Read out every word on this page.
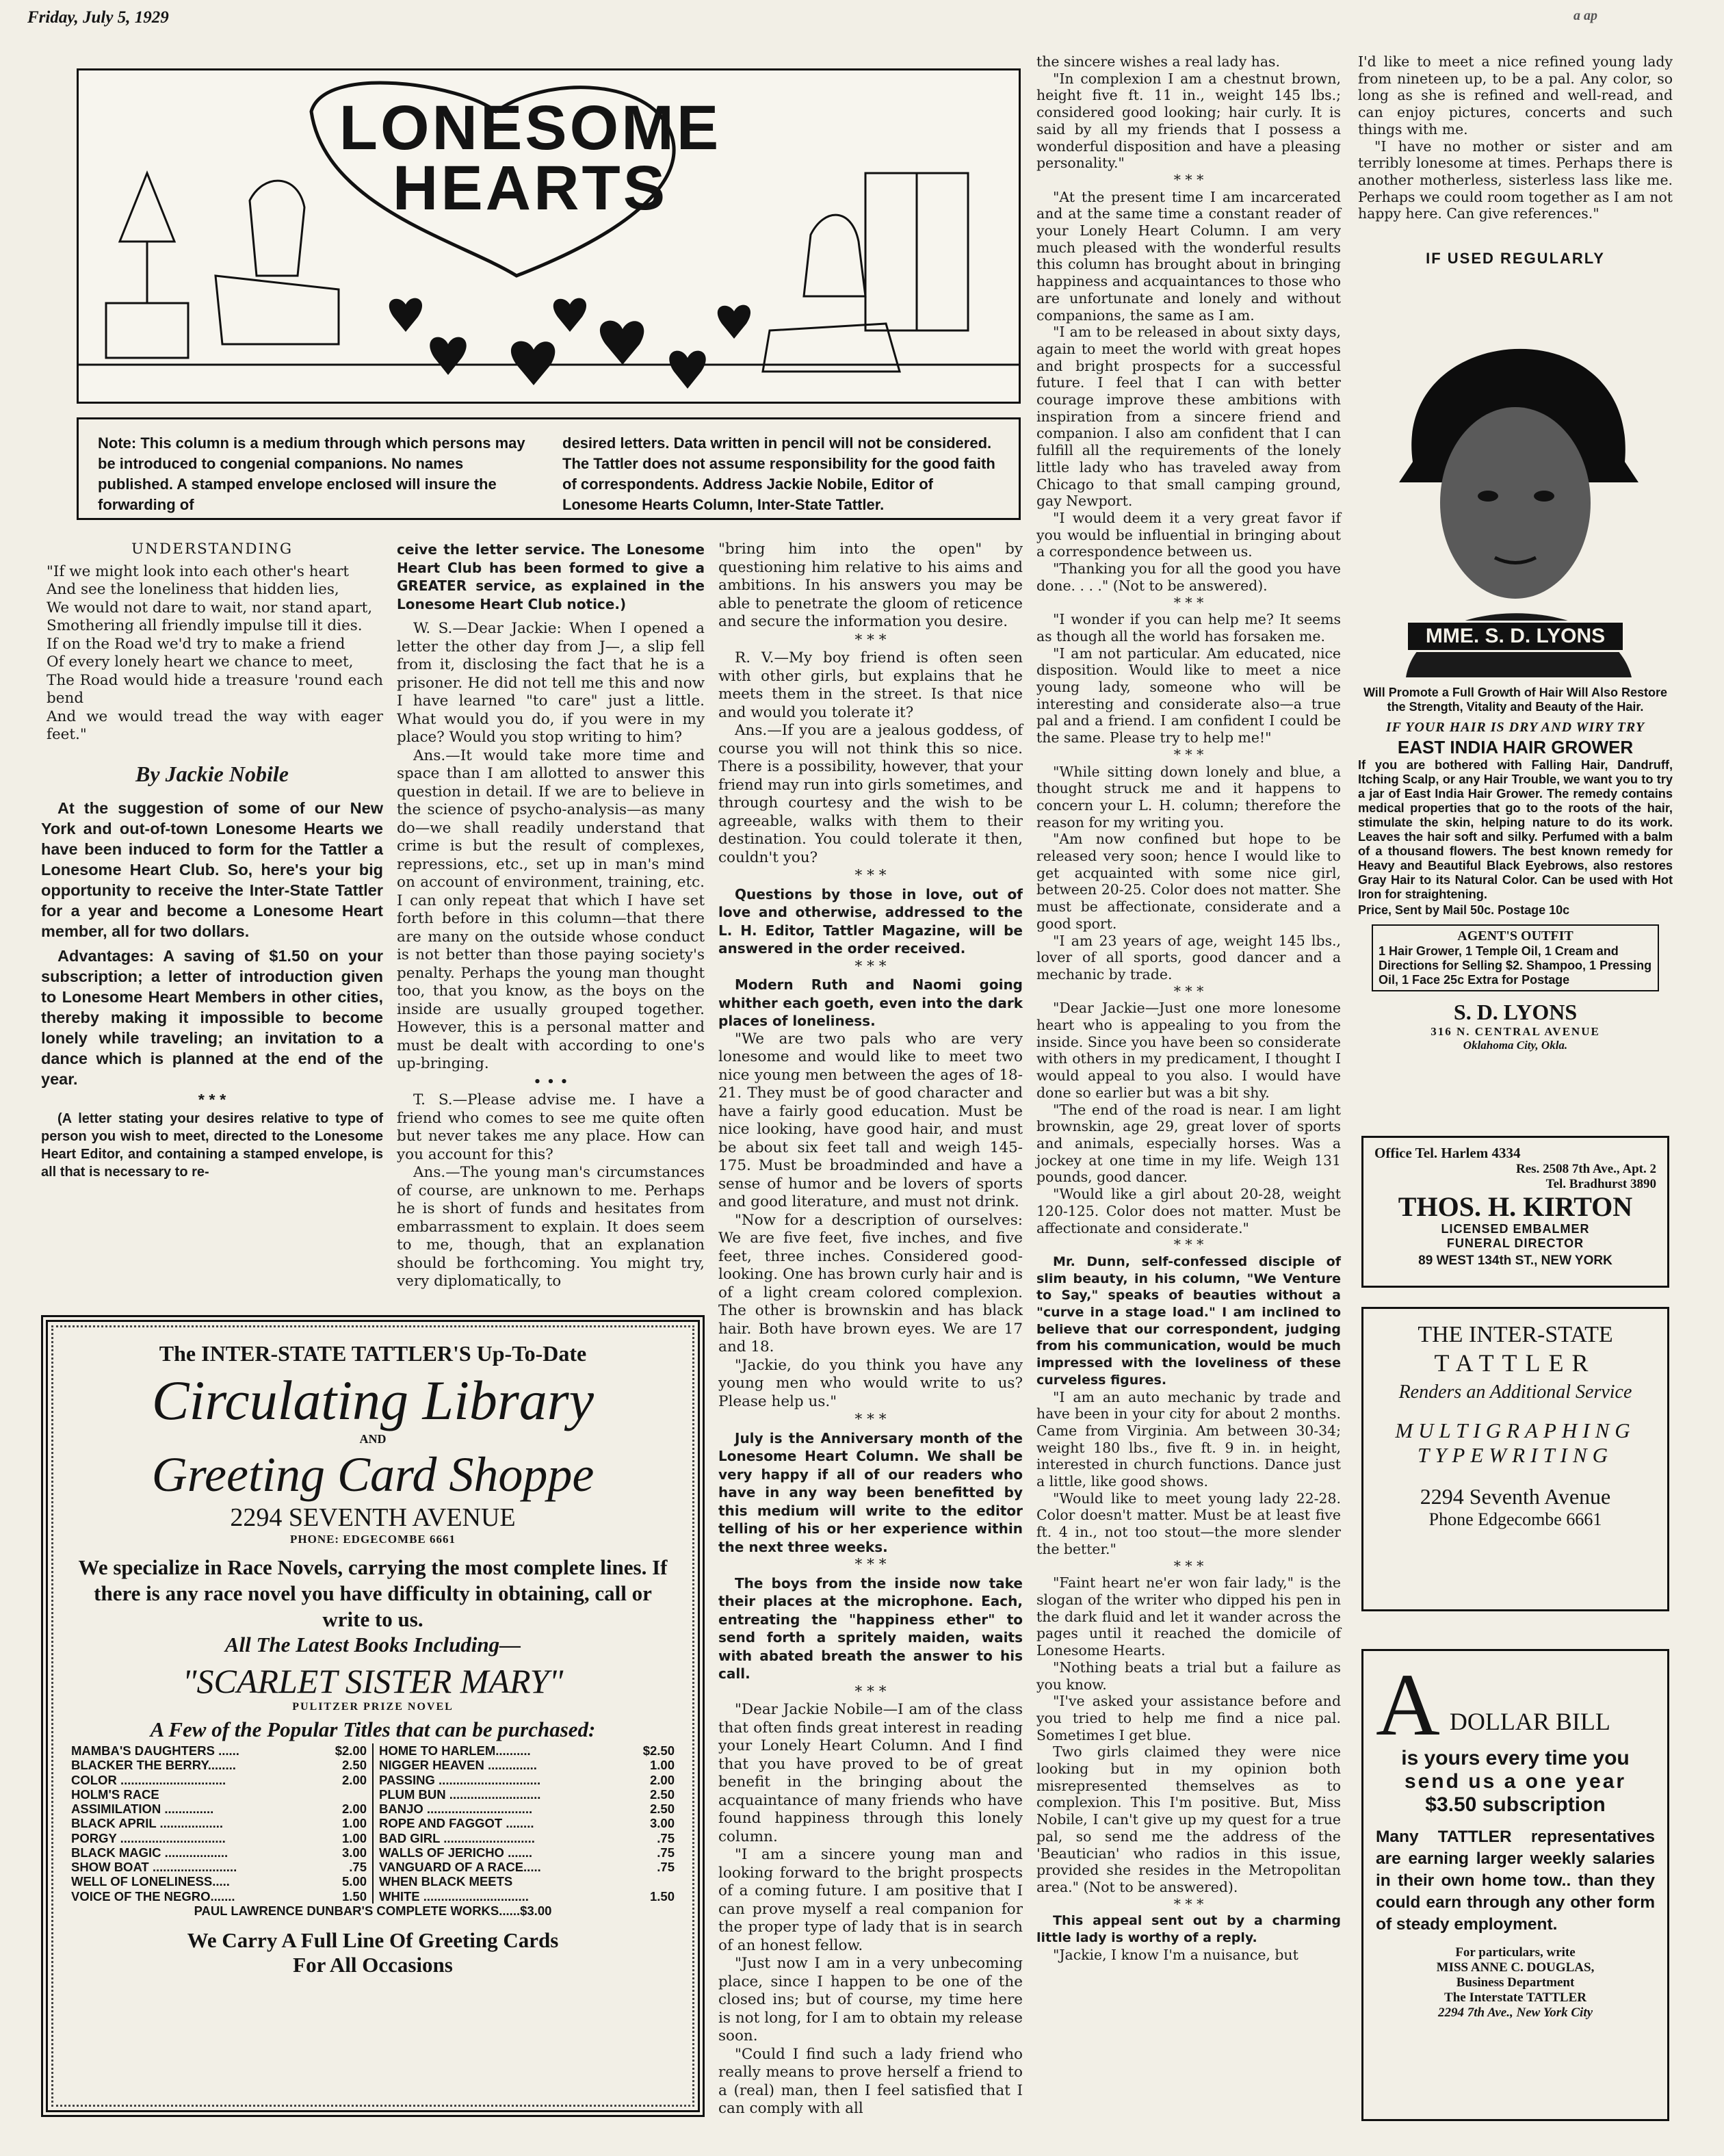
Friday, July 5, 1929	a ap
LONESOME
HEARTS
Note: This column is a medium through which persons may be introduced to congenial companions. No names published. A stamped envelope enclosed will insure the forwarding of
desired letters. Data written in pencil will not be considered. The Tattler does not assume responsibility for the good faith of correspondents. Address Jackie Nobile, Editor of Lonesome Hearts Column, Inter-State Tattler.
UNDERSTANDING
"If we might look into each other's heart
And see the loneliness that hidden lies,
We would not dare to wait, nor stand apart,
Smothering all friendly impulse till it dies.
If on the Road we'd try to make a friend
Of every lonely heart we chance to meet,
The Road would hide a treasure 'round each bend
And we would tread the way with eager feet."
By Jackie Nobile

At the suggestion of some of our New York and out-of-town Lonesome Hearts we have been induced to form for the Tattler a Lonesome Heart Club. So, here's your big opportunity to receive the Inter-State Tattler for a year and become a Lonesome Heart member, all for two dollars.

Advantages: A saving of $1.50 on your subscription; a letter of introduction given to Lonesome Heart Members in other cities, thereby making it impossible to become lonely while traveling; an invitation to a dance which is planned at the end of the year.

* * *

(A letter stating your desires relative to type of person you wish to meet, directed to the Lonesome Heart Editor, and containing a stamped envelope, is all that is necessary to re-

ceive the letter service. The Lonesome Heart Club has been formed to give a GREATER service, as explained in the Lonesome Heart Club notice.)

W. S.—Dear Jackie: When I opened a letter the other day from J—, a slip fell from it, disclosing the fact that he is a prisoner. He did not tell me this and now I have learned "to care" just a little. What would you do, if you were in my place? Would you stop writing to him?

Ans.—It would take more time and space than I am allotted to answer this question in detail. If we are to believe in the science of psycho-analysis—as many do—we shall readily understand that crime is but the result of complexes, repressions, etc., set up in man's mind on account of environment, training, etc. I can only repeat that which I have set forth before in this column—that there are many on the outside whose conduct is not better than those paying society's penalty. Perhaps the young man thought too, that you know, as the boys on the inside are usually grouped together. However, this is a personal matter and must be dealt with according to one's up-bringing.

• • •

T. S.—Please advise me. I have a friend who comes to see me quite often but never takes me any place. How can you account for this?

Ans.—The young man's circumstances of course, are unknown to me. Perhaps he is short of funds and hesitates from embarrassment to explain. It does seem to me, though, that an explanation should be forthcoming. You might try, very diplomatically, to

"bring him into the open" by questioning him relative to his aims and ambitions. In his answers you may be able to penetrate the gloom of reticence and secure the information you desire.

* * *

R. V.—My boy friend is often seen with other girls, but explains that he meets them in the street. Is that nice and would you tolerate it?

Ans.—If you are a jealous goddess, of course you will not think this so nice. There is a possibility, however, that your friend may run into girls sometimes, and through courtesy and the wish to be agreeable, walks with them to their destination. You could tolerate it then, couldn't you?

* * *

Questions by those in love, out of love and otherwise, addressed to the L. H. Editor, Tattler Magazine, will be answered in the order received.

* * *

Modern Ruth and Naomi going whither each goeth, even into the dark places of loneliness.

"We are two pals who are very lonesome and would like to meet two nice young men between the ages of 18-21. They must be of good character and have a fairly good education. Must be nice looking, have good hair, and must be about six feet tall and weigh 145-175. Must be broadminded and have a sense of humor and be lovers of sports and good literature, and must not drink.

"Now for a description of ourselves: We are five feet, five inches, and five feet, three inches. Considered good-looking. One has brown curly hair and is of a light cream colored complexion. The other is brownskin and has black hair. Both have brown eyes. We are 17 and 18.

"Jackie, do you think you have any young men who would write to us? Please help us."

* * *

July is the Anniversary month of the Lonesome Heart Column. We shall be very happy if all of our readers who have in any way been benefitted by this medium will write to the editor telling of his or her experience within the next three weeks.

* * *

The boys from the inside now take their places at the microphone. Each, entreating the "happiness ether" to send forth a spritely maiden, waits with abated breath the answer to his call.

* * *

"Dear Jackie Nobile—I am of the class that often finds great interest in reading your Lonely Heart Column. And I find that you have proved to be of great benefit in the bringing about the acquaintance of many friends who have found happiness through this lonely column.

"I am a sincere young man and looking forward to the bright prospects of a coming future. I am positive that I can prove myself a real companion for the proper type of lady that is in search of an honest fellow.

"Just now I am in a very unbecoming place, since I happen to be one of the closed ins; but of course, my time here is not long, for I am to obtain my release soon.

"Could I find such a lady friend who really means to prove herself a friend to a (real) man, then I feel satisfied that I can comply with all

the sincere wishes a real lady has.

"In complexion I am a chestnut brown, height five ft. 11 in., weight 145 lbs.; considered good looking; hair curly. It is said by all my friends that I possess a wonderful disposition and have a pleasing personality."

* * *

"At the present time I am incarcerated and at the same time a constant reader of your Lonely Heart Column. I am very much pleased with the wonderful results this column has brought about in bringing happiness and acquaintances to those who are unfortunate and lonely and without companions, the same as I am.

"I am to be released in about sixty days, again to meet the world with great hopes and bright prospects for a successful future. I feel that I can with better courage improve these ambitions with inspiration from a sincere friend and companion. I also am confident that I can fulfill all the requirements of the lonely little lady who has traveled away from Chicago to that small camping ground, gay Newport.

"I would deem it a very great favor if you would be influential in bringing about a correspondence between us.

"Thanking you for all the good you have done. . . ." (Not to be answered).

* * *

"I wonder if you can help me? It seems as though all the world has forsaken me.

"I am not particular. Am educated, nice disposition. Would like to meet a nice young lady, someone who will be interesting and considerate also—a true pal and a friend. I am confident I could be the same. Please try to help me!"

* * *

"While sitting down lonely and blue, a thought struck me and it happens to concern your L. H. column; therefore the reason for my writing you.

"Am now confined but hope to be released very soon; hence I would like to get acquainted with some nice girl, between 20-25. Color does not matter. She must be affectionate, considerate and a good sport.

"I am 23 years of age, weight 145 lbs., lover of all sports, good dancer and a mechanic by trade.

* * *

"Dear Jackie—Just one more lonesome heart who is appealing to you from the inside. Since you have been so considerate with others in my predicament, I thought I would appeal to you also. I would have done so earlier but was a bit shy.

"The end of the road is near. I am light brownskin, age 29, great lover of sports and animals, especially horses. Was a jockey at one time in my life. Weigh 131 pounds, good dancer.

"Would like a girl about 20-28, weight 120-125. Color does not matter. Must be affectionate and considerate."

* * *

Mr. Dunn, self-confessed disciple of slim beauty, in his column, "We Venture to Say," speaks of beauties without a "curve in a stage load." I am inclined to believe that our correspondent, judging from his communication, would be much impressed with the loveliness of these curveless figures.

"I am an auto mechanic by trade and have been in your city for about 2 months. Came from Virginia. Am between 30-34; weight 180 lbs., five ft. 9 in. in height, interested in church functions. Dance just a little, like good shows.

"Would like to meet young lady 22-28. Color doesn't matter. Must be at least five ft. 4 in., not too stout—the more slender the better."

* * *

"Faint heart ne'er won fair lady," is the slogan of the writer who dipped his pen in the dark fluid and let it wander across the pages until it reached the domicile of Lonesome Hearts.

"Nothing beats a trial but a failure as you know.

"I've asked your assistance before and you tried to help me find a nice pal. Sometimes I get blue.

Two girls claimed they were nice looking but in my opinion both misrepresented themselves as to complexion. This I'm positive. But, Miss Nobile, I can't give up my quest for a true pal, so send me the address of the 'Beautician' who radios in this issue, provided she resides in the Metropolitan area." (Not to be answered).

* * *

This appeal sent out by a charming little lady is worthy of a reply.

"Jackie, I know I'm a nuisance, but

I'd like to meet a nice refined young lady from nineteen up, to be a pal. Any color, so long as she is refined and well-read, and can enjoy pictures, concerts and such things with me.

"I have no mother or sister and am terribly lonesome at times. Perhaps there is another motherless, sisterless lass like me. Perhaps we could room together as I am not happy here. Can give references."

IF USED REGULARLY
MME. S. D. LYONS
Will Promote a Full Growth of Hair Will Also Restore the Strength, Vitality and Beauty of the Hair.
IF YOUR HAIR IS DRY AND WIRY TRY
EAST INDIA HAIR GROWER
If you are bothered with Falling Hair, Dandruff, Itching Scalp, or any Hair Trouble, we want you to try a jar of East India Hair Grower. The remedy contains medical properties that go to the roots of the hair, stimulate the skin, helping nature to do its work. Leaves the hair soft and silky. Perfumed with a balm of a thousand flowers. The best known remedy for Heavy and Beautiful Black Eyebrows, also restores Gray Hair to its Natural Color. Can be used with Hot Iron for straightening.
Price, Sent by Mail 50c. Postage 10c
AGENT'S OUTFIT
1 Hair Grower, 1 Temple Oil, 1 Cream and Directions for Selling $2. Shampoo, 1 Pressing Oil, 1 Face 25c Extra for Postage
S. D. LYONS
316 N. CENTRAL AVENUE
Oklahoma City, Okla.
Office Tel. Harlem 4334
Res. 2508 7th Ave., Apt. 2
Tel. Bradhurst 3890
THOS. H. KIRTON
LICENSED EMBALMER
FUNERAL DIRECTOR
89 WEST 134th ST., NEW YORK
THE INTER-STATE
TATTLER
Renders an Additional Service
MULTIGRAPHING
TYPEWRITING
2294 Seventh Avenue
Phone Edgecombe 6661
A DOLLAR BILL
is yours every time you
send us a one year
$3.50 subscription
Many TATTLER representatives are earning larger weekly salaries in their own home tow.. than they could earn through any other form of steady employment.
For particulars, write
MISS ANNE C. DOUGLAS,
Business Department
The Interstate TATTLER
2294 7th Ave., New York City
The INTER-STATE TATTLER'S Up-To-Date
Circulating Library
AND
Greeting Card Shoppe
2294 SEVENTH AVENUE
PHONE: EDGECOMBE 6661
We specialize in Race Novels, carrying the most complete lines. If there is any race novel you have difficulty in obtaining, call or write to us.
All The Latest Books Including—
"SCARLET SISTER MARY"
PULITZER PRIZE NOVEL
A Few of the Popular Titles that can be purchased:
MAMBA'S DAUGHTERS ......	$2.00
BLACKER THE BERRY........	2.50
COLOR ..............................	2.00
HOLM'S RACE
ASSIMILATION ..............	2.00
BLACK APRIL ..................	1.00
PORGY ..............................	1.00
BLACK MAGIC ..................	3.00
SHOW BOAT ........................	.75
WELL OF LONELINESS.....	5.00
VOICE OF THE NEGRO.......	1.50
HOME TO HARLEM..........	$2.50
NIGGER HEAVEN ..............	1.00
PASSING .............................	2.00
PLUM BUN ..........................	2.50
BANJO ..............................	2.50
ROPE AND FAGGOT ........	3.00
BAD GIRL ..........................	.75
WALLS OF JERICHO .......	.75
VANGUARD OF A RACE.....	.75
WHEN BLACK MEETS
WHITE ..............................	1.50
PAUL LAWRENCE DUNBAR'S COMPLETE WORKS......$3.00
We Carry A Full Line Of Greeting Cards
For All Occasions
